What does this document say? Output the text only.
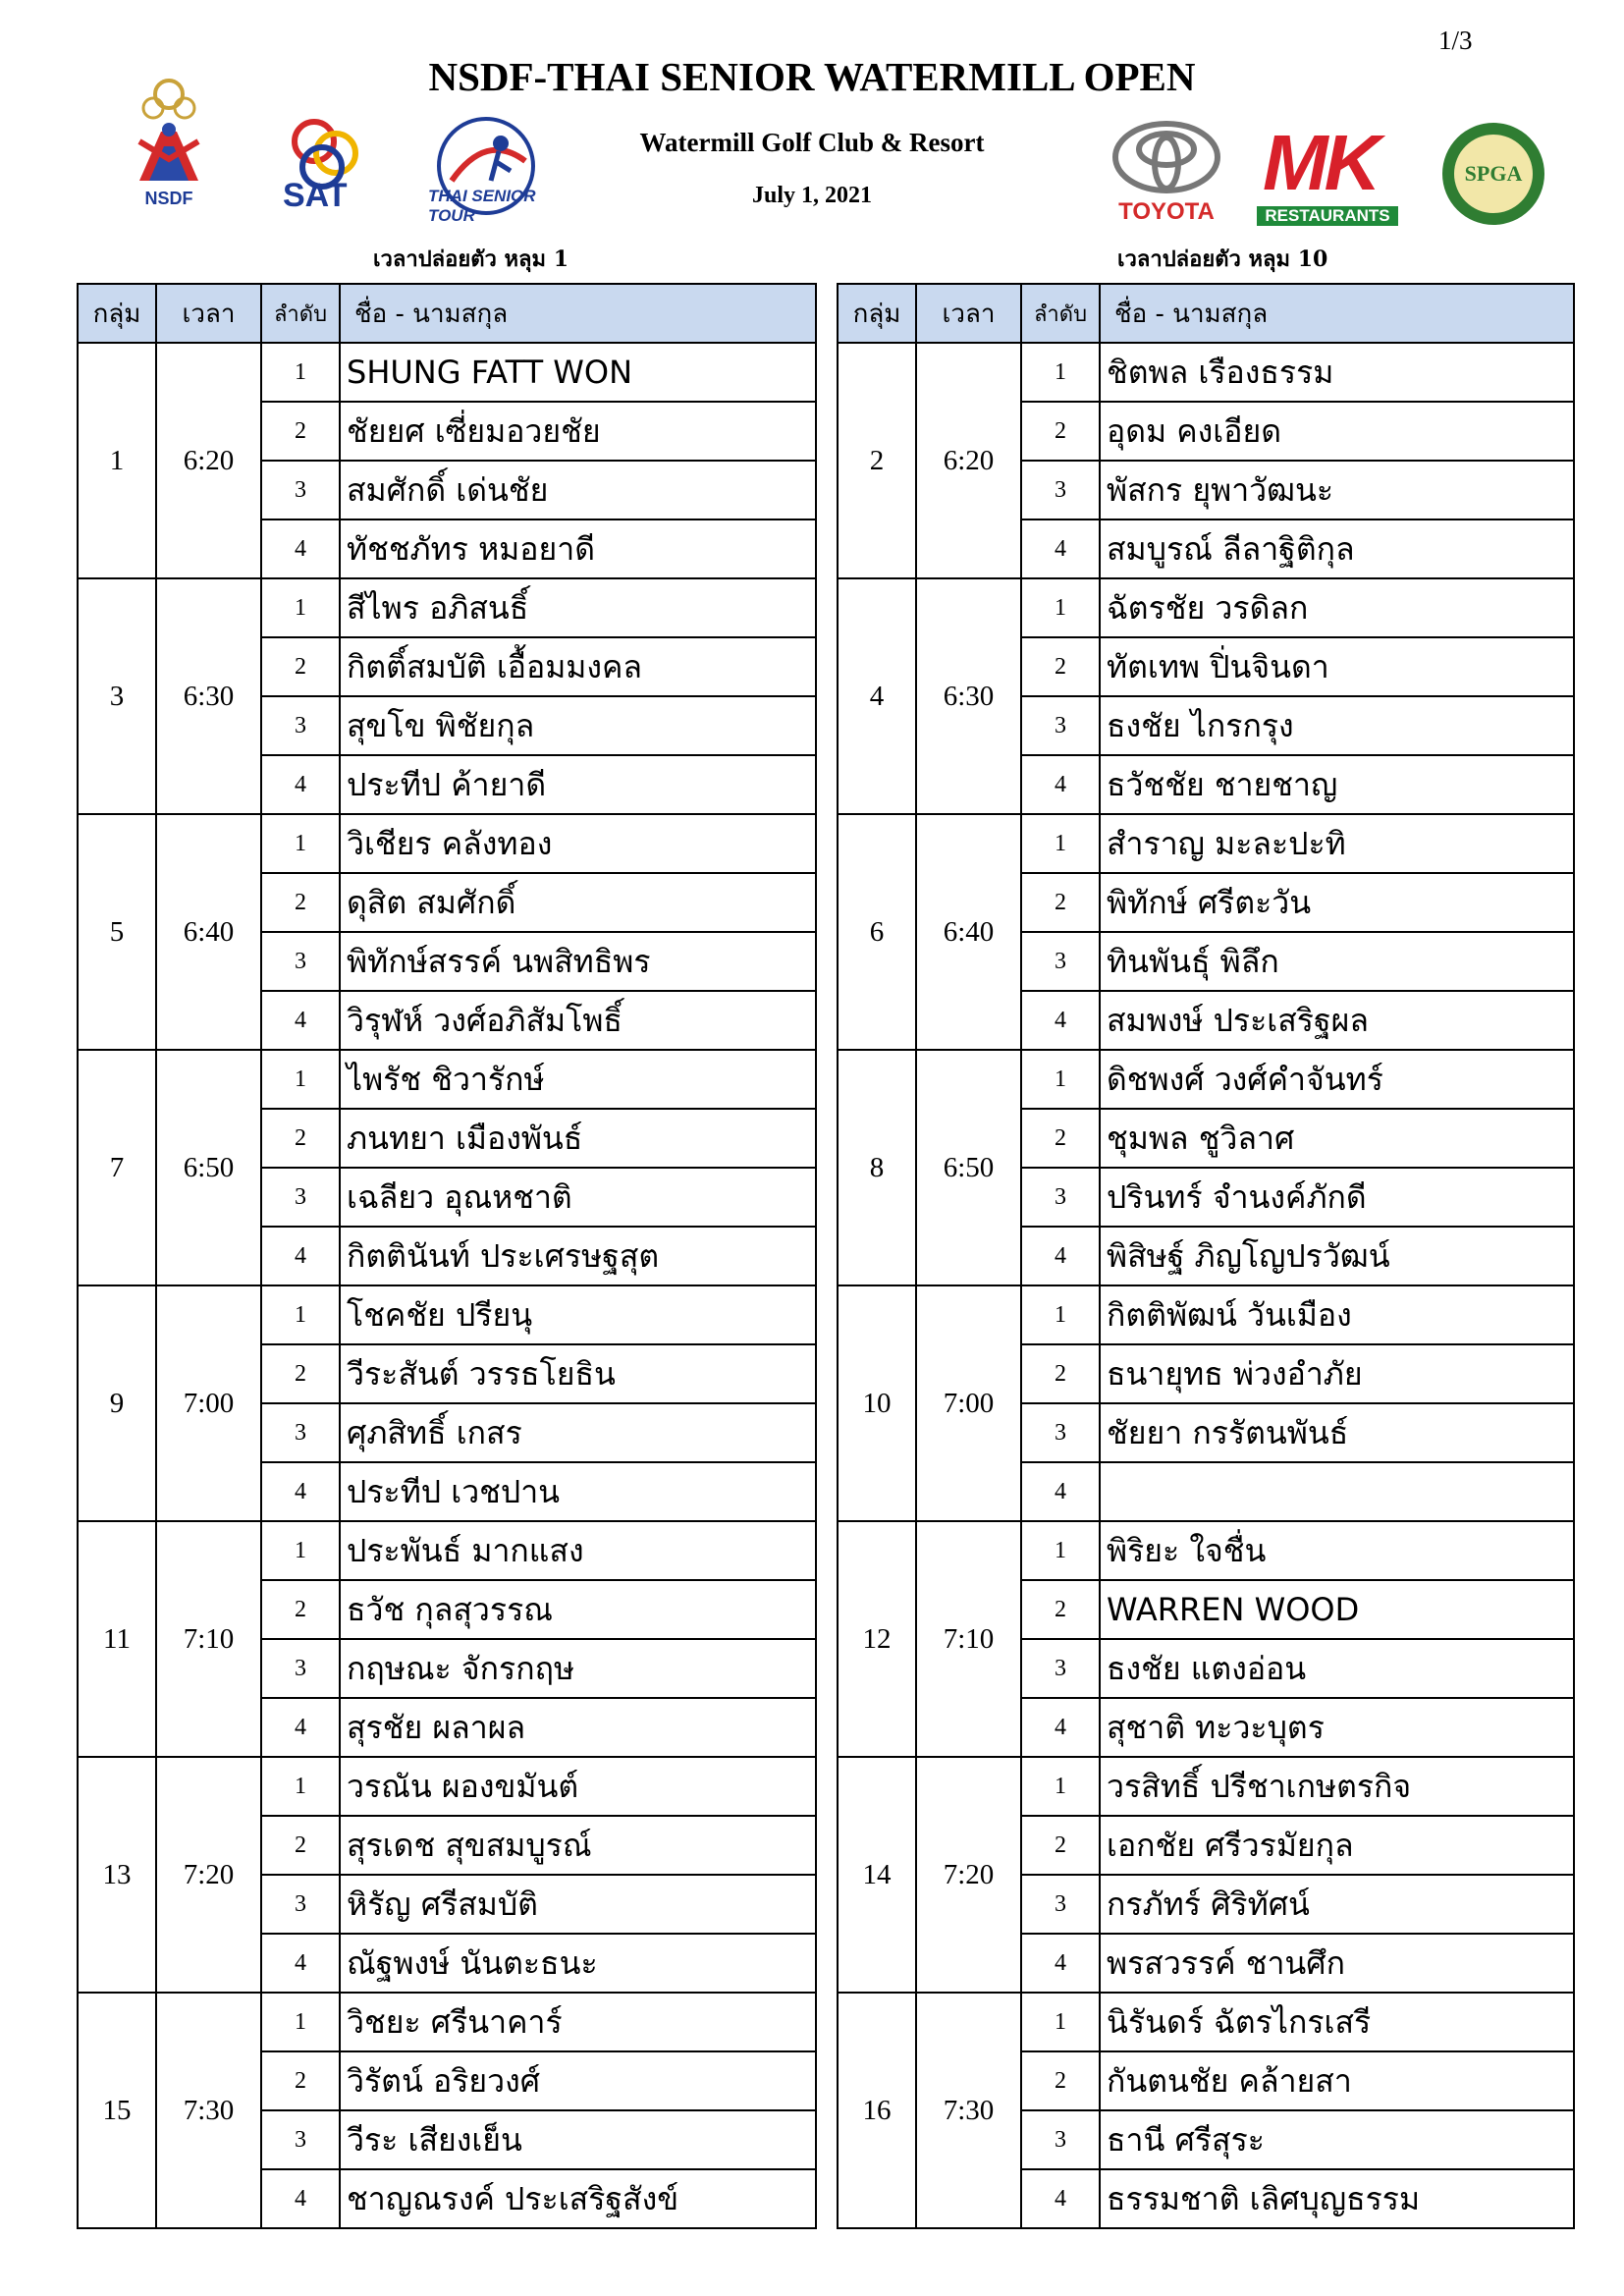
1/3
NSDF-THAI SENIOR WATERMILL OPEN
Watermill Golf Club & Resort
July 1, 2021
NSDF	SAT	THAI SENIOR TOUR	TOYOTA
MK
RESTAURANTS
SPGA
เวลาปล่อยตัว หลุม 1	เวลาปล่อยตัว หลุม 10
กลุ่ม	เวลา	ลำดับ	ชื่อ - นามสกุล
1	6:20	1	SHUNG FATT WON
		2	ชัยยศ เซี่ยมอวยชัย
		3	สมศักดิ์ เด่นชัย
		4	ทัชชภัทร หมอยาดี
3	6:30	1	สีไพร อภิสนธิ์
		2	กิตติ์สมบัติ เอื้อมมงคล
		3	สุขโข พิชัยกุล
		4	ประทีป ค้ายาดี
5	6:40	1	วิเชียร คลังทอง
		2	ดุสิต สมศักดิ์
		3	พิทักษ์สรรค์ นพสิทธิพร
		4	วิรุฬห์ วงศ์อภิสัมโพธิ์
7	6:50	1	ไพรัช ชิวารักษ์
		2	ภนทยา เมืองพันธ์
		3	เฉลียว อุณหชาติ
		4	กิตตินันท์ ประเศรษฐสุต
9	7:00	1	โชคชัย ปรียนุ
		2	วีระสันต์ วรรธโยธิน
		3	ศุภสิทธิ์ เกสร
		4	ประทีป เวชปาน
11	7:10	1	ประพันธ์ มากแสง
		2	ธวัช กุลสุวรรณ
		3	กฤษณะ จักรกฤษ
		4	สุรชัย ผลาผล
13	7:20	1	วรณัน ผองขมันต์
		2	สุรเดช สุขสมบูรณ์
		3	หิรัญ ศรีสมบัติ
		4	ณัฐพงษ์ นันตะธนะ
15	7:30	1	วิชยะ ศรีนาคาร์
		2	วิรัตน์ อริยวงศ์
		3	วีระ เสียงเย็น
		4	ชาญณรงค์ ประเสริฐสังข์
กลุ่ม	เวลา	ลำดับ	ชื่อ - นามสกุล
2	6:20	1	ชิตพล เรืองธรรม
		2	อุดม คงเอียด
		3	พัสกร ยุพาวัฒนะ
		4	สมบูรณ์ ลีลาฐิติกุล
4	6:30	1	ฉัตรชัย วรดิลก
		2	ทัตเทพ ปิ่นจินดา
		3	ธงชัย ไกรกรุง
		4	ธวัชชัย ชายชาญ
6	6:40	1	สำราญ มะละปะทิ
		2	พิทักษ์ ศรีตะวัน
		3	ทินพันธุ์ พิลึก
		4	สมพงษ์ ประเสริฐผล
8	6:50	1	ดิชพงศ์ วงศ์คำจันทร์
		2	ชุมพล ชูวิลาศ
		3	ปรินทร์ จำนงค์ภักดี
		4	พิสิษฐ์ ภิญโญปรวัฒน์
10	7:00	1	กิตติพัฒน์ วันเมือง
		2	ธนายุทธ พ่วงอำภัย
		3	ชัยยา กรรัตนพันธ์
		4	
12	7:10	1	พิริยะ ใจชื่น
		2	WARREN WOOD
		3	ธงชัย แตงอ่อน
		4	สุชาติ ทะวะบุตร
14	7:20	1	วรสิทธิ์ ปรีชาเกษตรกิจ
		2	เอกชัย ศรีวรมัยกุล
		3	กรภัทร์ ศิริทัศน์
		4	พรสวรรค์ ชานศึก
16	7:30	1	นิรันดร์ ฉัตรไกรเสรี
		2	กันตนชัย คล้ายสา
		3	ธานี ศรีสุระ
		4	ธรรมชาติ เลิศบุญธรรม
